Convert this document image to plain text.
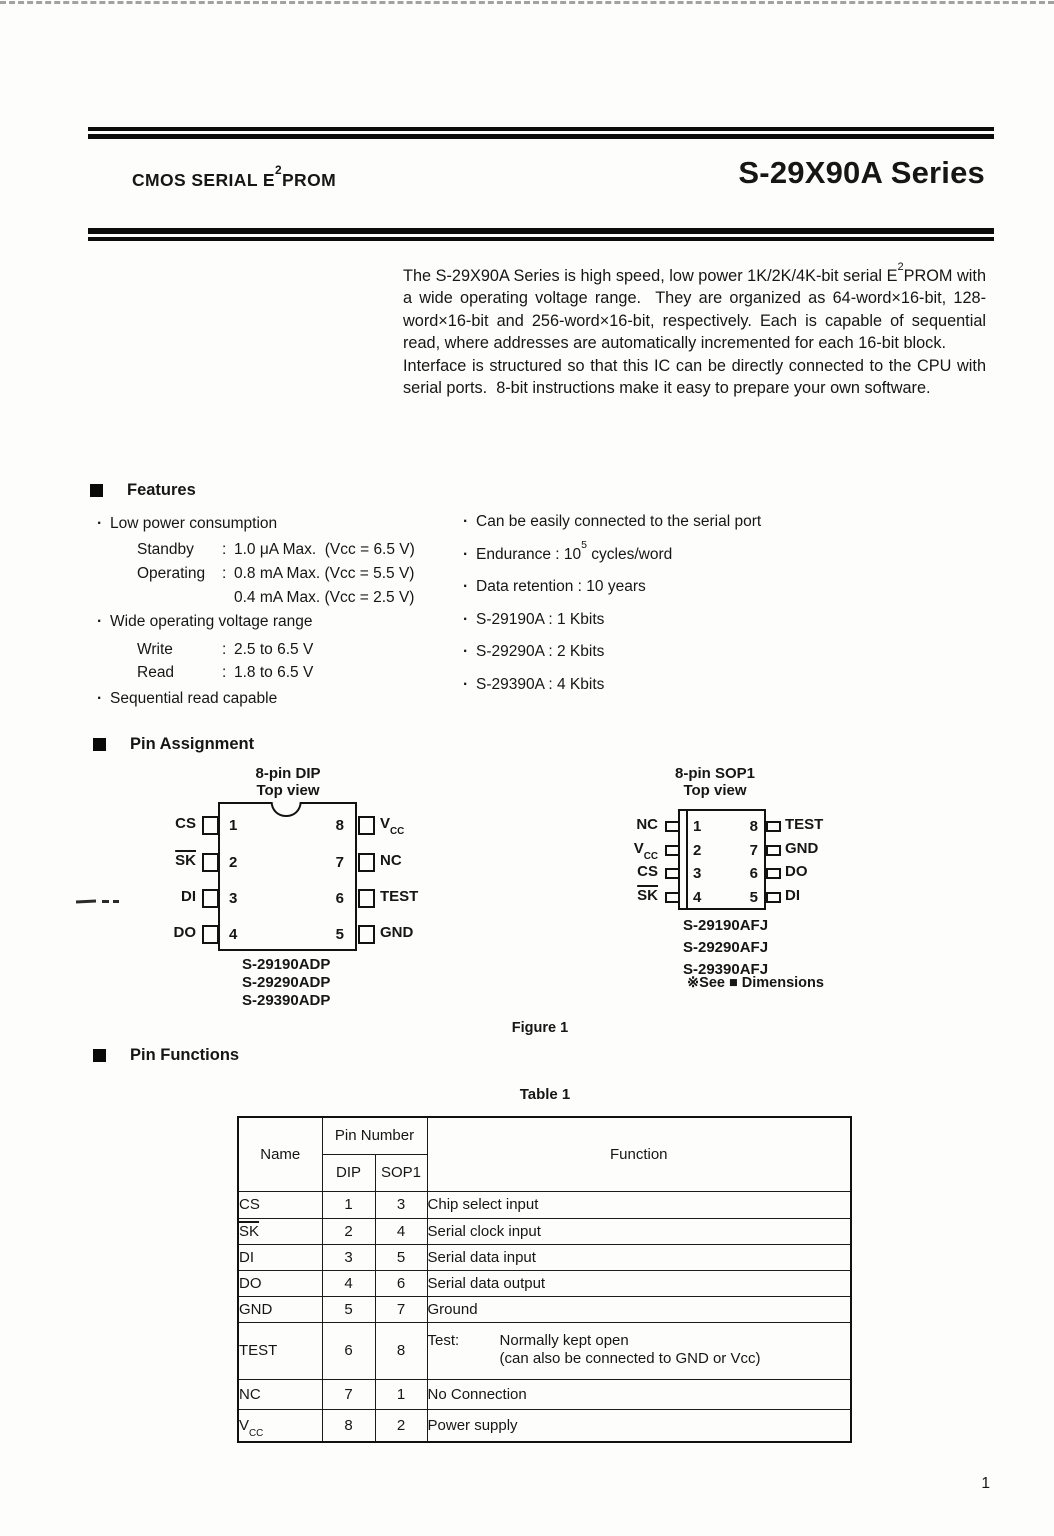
CMOS SERIAL $E^2PROM$	S-29X90A Series
The S-29X90A Series is high speed, low power 1K/2K/4K-bit serial $E^2PROM$ with a wide operating voltage range.  They are organized as 64-word×16-bit, 128-word×16-bit and 256-word×16-bit, respectively. Each is capable of sequential read, where addresses are automatically incremented for each 16-bit block.
Interface is structured so that this IC can be directly connected to the CPU with serial ports.  8-bit instructions make it easy to prepare your own software.
Features
· Low power consumption
Standby	: 1.0 μA Max.  (Vcc = 6.5 V)
Operating	: 0.8 mA Max. (Vcc = 5.5 V)
0.4 mA Max. (Vcc = 2.5 V)
· Wide operating voltage range
Write	: 2.5 to 6.5 V
Read	: 1.8 to 6.5 V
· Sequential read capable
· Can be easily connected to the serial port
· Endurance : $10^5$ cycles/word
· Data retention : 10 years
· S-29190A : 1 Kbits
· S-29290A : 2 Kbits
· S-29390A : 4 Kbits
Pin Assignment
8-pin DIP
Top view
1
2
3
4
8
7
6
5
CS
$\overline{SK}$
DI
DO
$V_{CC}$
NC
TEST
GND
S-29190ADP
S-29290ADP
S-29390ADP
8-pin SOP1
Top view
1
2
3
4
8
7
6
5
NC
$V_{CC}$
CS
$\overline{SK}$
TEST
GND
DO
DI
S-29190AFJ
S-29290AFJ
S-29390AFJ
※See ■ Dimensions
Figure 1
Pin Functions
Table 1
Name	Pin Number		Function
	DIP	SOP1	
CS	1	3	Chip select input
$\overline{SK}$	2	4	Serial clock input
DI	3	5	Serial data input
DO	4	6	Serial data output
GND	5	7	Ground
TEST	6	8	Test: Normally kept open
(can also be connected to GND or Vcc)

NC	7	1	No Connection
$V_{CC}$	8	2	Power supply
1
